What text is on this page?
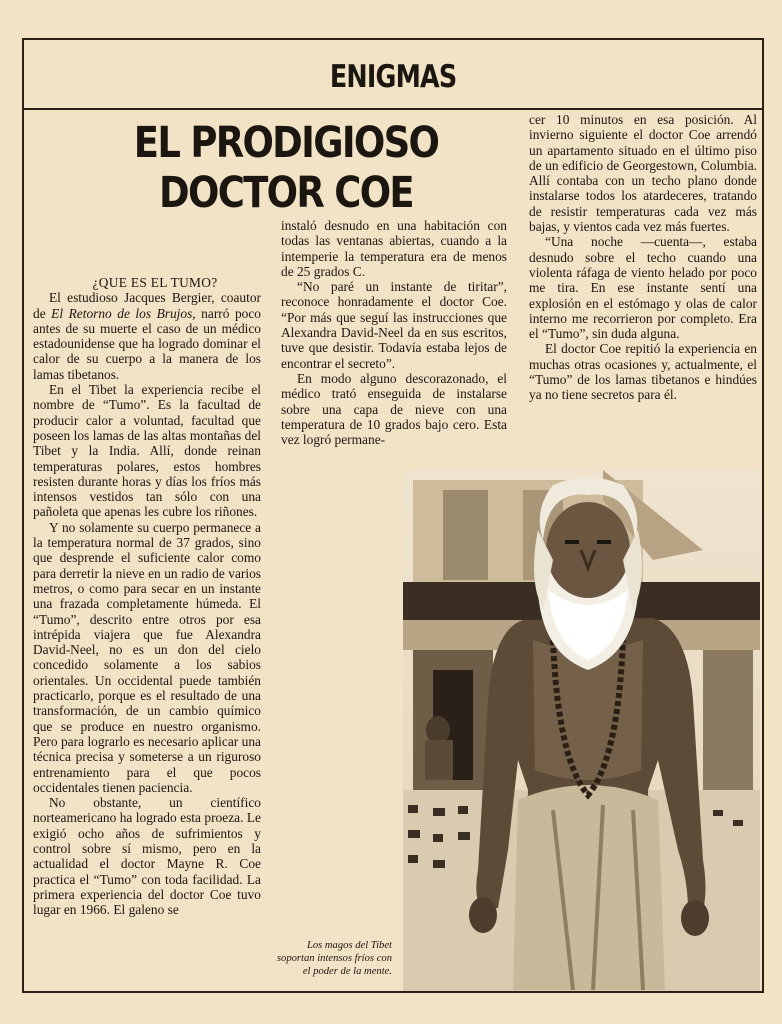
ENIGMAS
EL PRODIGIOSO
DOCTOR COE

¿QUE ES EL TUMO?

El estudioso Jacques Bergier, coautor de El Retorno de los Brujos, narró poco antes de su muerte el caso de un médico estadounidense que ha logrado dominar el calor de su cuerpo a la manera de los lamas tibetanos.

En el Tibet la experiencia recibe el nombre de “Tumo”. Es la facultad de producir calor a voluntad, facultad que poseen los lamas de las altas montañas del Tibet y la India. Allí, donde reinan temperaturas polares, estos hombres resisten durante horas y días los fríos más intensos vestidos tan sólo con una pañoleta que apenas les cubre los riñones.

Y no solamente su cuerpo permanece a la temperatura normal de 37 grados, sino que desprende el suficiente calor como para derretir la nieve en un radio de varios metros, o como para secar en un instante una frazada completamente húmeda. El “Tumo”, descrito entre otros por esa intrépida viajera que fue Alexandra David-Neel, no es un don del cielo concedido solamente a los sabios orientales. Un occidental puede también practicarlo, porque es el resultado de una transformación, de un cambio químico que se produce en nuestro organismo. Pero para lograrlo es necesario aplicar una técnica precisa y someterse a un riguroso entrenamiento para el que pocos occidentales tienen paciencia.

No obstante, un científico norteamericano ha logrado esta proeza. Le exigió ocho años de sufrimientos y control sobre sí mismo, pero en la actualidad el doctor Mayne R. Coe practica el “Tumo” con toda facilidad. La primera experiencia del doctor Coe tuvo lugar en 1966. El galeno se

instaló desnudo en una habitación con todas las ventanas abiertas, cuando a la intemperie la temperatura era de menos de 25 grados C.

“No paré un instante de tiritar”, reconoce honradamente el doctor Coe. “Por más que seguí las instrucciones que Alexandra David-Neel da en sus escritos, tuve que desistir. Todavía estaba lejos de encontrar el secreto”.

En modo alguno descorazonado, el médico trató enseguida de instalarse sobre una capa de nieve con una temperatura de 10 grados bajo cero. Esta vez logró permane-

cer 10 minutos en esa posición. Al invierno siguiente el doctor Coe arrendó un apartamento situado en el último piso de un edificio de Georgestown, Columbia. Allí contaba con un techo plano donde instalarse todos los atardeceres, tratando de resistir temperaturas cada vez más bajas, y vientos cada vez más fuertes.

“Una noche —cuenta—, estaba desnudo sobre el techo cuando una violenta ráfaga de viento helado por poco me tira. En ese instante sentí una explosión en el estómago y olas de calor interno me recorrieron por completo. Era el “Tumo”, sin duda alguna.

El doctor Coe repitió la experiencia en muchas otras ocasiones y, actualmente, el “Tumo” de los lamas tibetanos e hindúes ya no tiene secretos para él.

Los magos del Tibet soportan intensos fríos con el poder de la mente.
